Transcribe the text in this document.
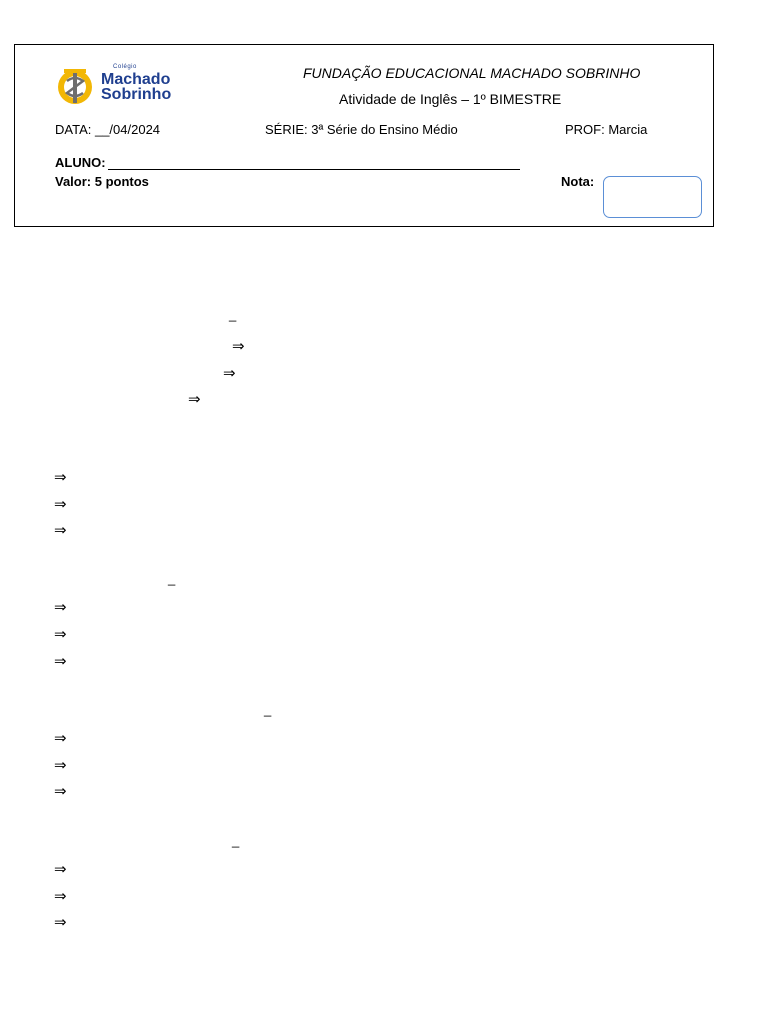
Colégio
Machado
Sobrinho
FUNDAÇÃO EDUCACIONAL MACHADO SOBRINHO
Atividade de Inglês – 1º BIMESTRE
DATA: __/04/2024	SÉRIE: 3ª Série do Ensino Médio	PROF: Marcia
ALUNO:
Valor: 5 pontos	Nota:
_
⇒
⇒
⇒
⇒
⇒
⇒
_
⇒
⇒
⇒
_
⇒
⇒
⇒
_
⇒
⇒
⇒
